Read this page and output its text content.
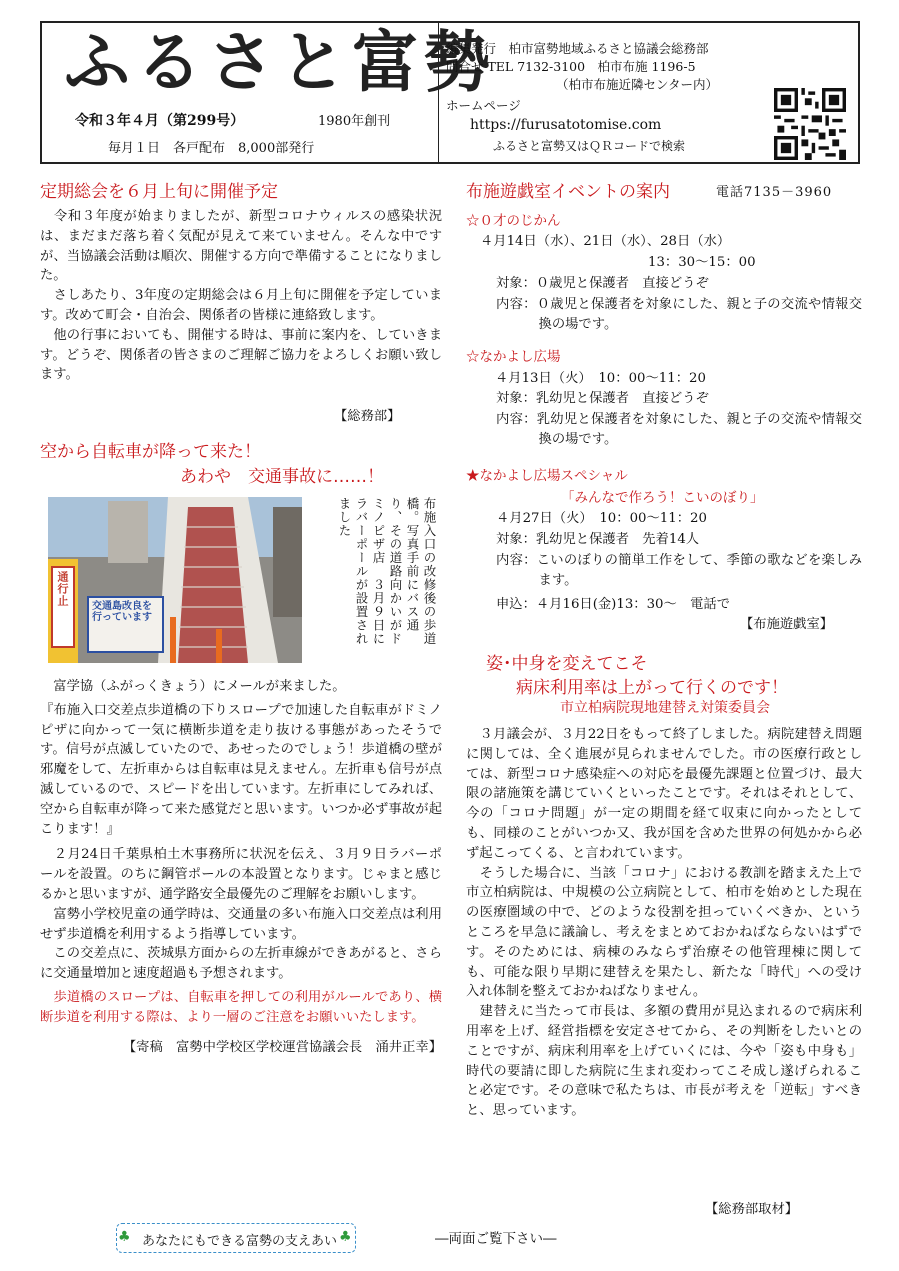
ふるさと富勢
令和３年４月（第299号）	1980年創刊
毎月１日　各戸配布　8,000部発行
編集発行　柏市富勢地域ふるさと協議会総務部
問合せ TEL 7132-3100　柏市布施 1196-5
（柏市布施近隣センター内）
ホームページ
https://furusatotomise.com
ふるさと富勢又はＱＲコードで検索
定期総会を６月上旬に開催予定

　令和３年度が始まりましたが、新型コロナウィルスの感染状況は、まだまだ落ち着く気配が見えて来ていません。そんな中ですが、当協議会活動は順次、開催する方向で準備することになりました。

　さしあたり、3年度の定期総会は６月上旬に開催を予定しています。改めて町会・自治会、関係者の皆様に連絡致します。

　他の行事においても、開催する時は、事前に案内を、していきます。どうぞ、関係者の皆さまのご理解ご協力をよろしくお願い致します。

【総務部】
空から自転車が降って来た！
あわや　交通事故に……！
交通島改良を行っています
通行止	布施入口の改修後の歩道橋。写真手前にバス通り、その道路向かいがドミノピザ店　３月９日にラバーポールが設置されました

　富学協（ふがっくきょう）にメールが来ました。

『布施入口交差点歩道橋の下りスロープで加速した自転車がドミノピザに向かって一気に横断歩道を走り抜ける事態があったそうです。信号が点滅していたので、あせったのでしょう！歩道橋の壁が邪魔をして、左折車からは自転車は見えません。左折車も信号が点滅しているので、スピードを出しています。左折車にしてみれば、空から自転車が降って来た感覚だと思います。いつか必ず事故が起こります！』

　２月24日千葉県柏土木事務所に状況を伝え、３月９日ラバーポールを設置。のちに鋼管ポールの本設置となります。じゃまと感じるかと思いますが、通学路安全最優先のご理解をお願いします。

　富勢小学校児童の通学時は、交通量の多い布施入口交差点は利用せず歩道橋を利用するよう指導しています。

　この交差点に、茨城県方面からの左折車線ができあがると、さらに交通量増加と速度超過も予想されます。

　歩道橋のスロープは、自転車を押しての利用がルールであり、横断歩道を利用する際は、より一層のご注意をお願いいたします。

【寄稿　富勢中学校区学校運営協議会長　涌井正幸】

布施遊戯室イベントの案内	電話7135－3960
☆０才のじかん
４月14日（水）、21日（水）、28日（水）
13：30～15：00
対象：０歳児と保護者　直接どうぞ
内容：０歳児と保護者を対象にした、親と子の交流や情報交換の場です。
☆なかよし広場
４月13日（火）　10：00～11：20
対象：乳幼児と保護者　直接どうぞ
内容：乳幼児と保護者を対象にした、親と子の交流や情報交換の場です。
★なかよし広場スペシャル
「みんなで作ろう！こいのぼり」
４月27日（火）　10：00～11：20
対象：乳幼児と保護者　先着14人
内容：こいのぼりの簡単工作をして、季節の歌などを楽しみます。
申込：４月16日(金)13：30～　電話で
【布施遊戯室】
姿･中身を変えてこそ
病床利用率は上がって行くのです！
市立柏病院現地建替え対策委員会

　３月議会が、３月22日をもって終了しました。病院建替え問題に関しては、全く進展が見られませんでした。市の医療行政としては、新型コロナ感染症への対応を最優先課題と位置づけ、最大限の諸施策を講じていくといったことです。それはそれとして、今の「コロナ問題」が一定の期間を経て収束に向かったとしても、同様のことがいつか又、我が国を含めた世界の何処かから必ず起こってくる、と言われています。

　そうした場合に、当該「コロナ」における教訓を踏まえた上で市立柏病院は、中規模の公立病院として、柏市を始めとした現在の医療圏域の中で、どのような役割を担っていくべきか、というところを早急に議論し、考えをまとめておかねばならないはずです。そのためには、病棟のみならず治療その他管理棟に関しても、可能な限り早期に建替えを果たし、新たな「時代」への受け入れ体制を整えておかねばなりません。

　建替えに当たって市長は、多額の費用が見込まれるので病床利用率を上げ、経営指標を安定させてから、その判断をしたいとのことですが、病床利用率を上げていくには、今や「姿も中身も」時代の要請に即した病院に生まれ変わってこそ成し遂げられること必定です。その意味で私たちは、市長が考えを「逆転」すべきと、思っています。

【総務部取材】
♣	♣
あなたにもできる富勢の支えあい	―両面ご覧下さい―
